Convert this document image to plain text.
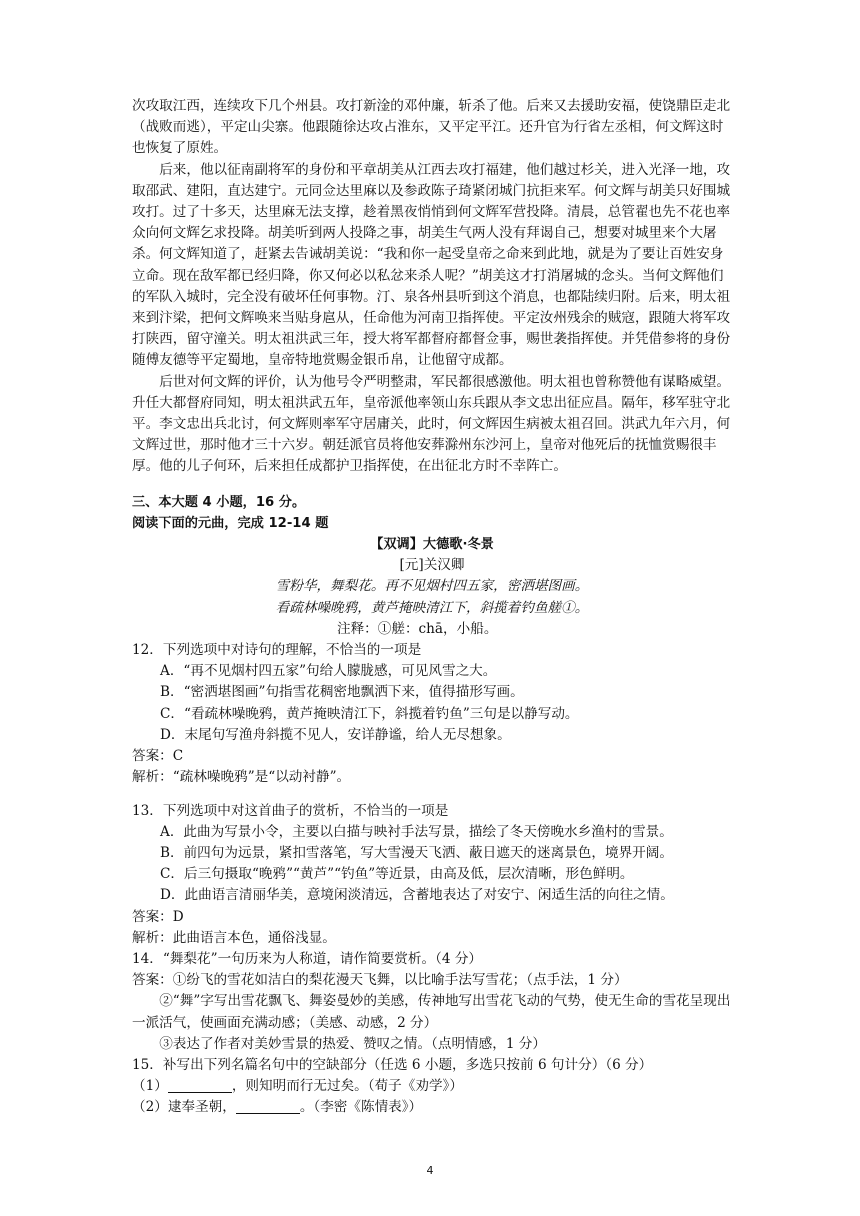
次攻取江西，连续攻下几个州县。攻打新淦的邓仲廉，斩杀了他。后来又去援助安福，使饶鼎臣走北（战败而逃），平定山尖寨。他跟随徐达攻占淮东，又平定平江。还升官为行省左丞相，何文辉这时也恢复了原姓。

后来，他以征南副将军的身份和平章胡美从江西去攻打福建，他们越过杉关，进入光泽一地，攻取邵武、建阳，直达建宁。元同佥达里麻以及参政陈子琦紧闭城门抗拒来军。何文辉与胡美只好围城攻打。过了十多天，达里麻无法支撑，趁着黑夜悄悄到何文辉军营投降。清晨，总管翟也先不花也率众向何文辉乞求投降。胡美听到两人投降之事，胡美生气两人没有拜谒自己，想要对城里来个大屠杀。何文辉知道了，赶紧去告诫胡美说：“我和你一起受皇帝之命来到此地，就是为了要让百姓安身立命。现在敌军都已经归降，你又何必以私忿来杀人呢？”胡美这才打消屠城的念头。当何文辉他们的军队入城时，完全没有破坏任何事物。汀、泉各州县听到这个消息，也都陆续归附。后来，明太祖来到汴梁，把何文辉唤来当贴身扈从，任命他为河南卫指挥使。平定汝州残余的贼寇，跟随大将军攻打陕西，留守潼关。明太祖洪武三年，授大将军都督府都督佥事，赐世袭指挥使。并凭借参将的身份随傅友德等平定蜀地，皇帝特地赏赐金银币帛，让他留守成都。

后世对何文辉的评价，认为他号令严明整肃，军民都很感激他。明太祖也曾称赞他有谋略威望。升任大都督府同知，明太祖洪武五年，皇帝派他率领山东兵跟从李文忠出征应昌。隔年，移军驻守北平。李文忠出兵北讨，何文辉则率军守居庸关，此时，何文辉因生病被太祖召回。洪武九年六月，何文辉过世，那时他才三十六岁。朝廷派官员将他安葬滁州东沙河上，皇帝对他死后的抚恤赏赐很丰厚。他的儿子何环，后来担任成都护卫指挥使，在出征北方时不幸阵亡。

三、本大题 4 小题，16 分。

阅读下面的元曲，完成 12-14 题

【双调】大德歌·冬景

[元]关汉卿

雪粉华，舞梨花。再不见烟村四五家，密洒堪图画。

看疏林噪晚鸦，黄芦掩映清江下，斜揽着钓鱼艖①。

注释：①艖：chā，小船。

12．下列选项中对诗句的理解，不恰当的一项是

A．“再不见烟村四五家”句给人朦胧感，可见风雪之大。

B．“密洒堪图画”句指雪花稠密地飘洒下来，值得描形写画。

C．“看疏林噪晚鸦，黄芦掩映清江下，斜揽着钓鱼”三句是以静写动。

D．末尾句写渔舟斜揽不见人，安详静谧，给人无尽想象。

答案：C

解析：“疏林噪晚鸦”是“以动衬静”。

13．下列选项中对这首曲子的赏析，不恰当的一项是

A．此曲为写景小令，主要以白描与映衬手法写景，描绘了冬天傍晚水乡渔村的雪景。

B．前四句为远景，紧扣雪落笔，写大雪漫天飞洒、蔽日遮天的迷离景色，境界开阔。

C．后三句摄取“晚鸦”“黄芦”“钓鱼”等近景，由高及低，层次清晰，形色鲜明。

D．此曲语言清丽华美，意境闲淡清远，含蓄地表达了对安宁、闲适生活的向往之情。

答案：D

解析：此曲语言本色，通俗浅显。

14．“舞梨花”一句历来为人称道，请作简要赏析。（4 分）

答案：①纷飞的雪花如洁白的梨花漫天飞舞，以比喻手法写雪花；（点手法，1 分）

②“舞”字写出雪花飘飞、舞姿曼妙的美感，传神地写出雪花飞动的气势，使无生命的雪花呈现出一派活气，使画面充满动感；（美感、动感，2 分）

③表达了作者对美妙雪景的热爱、赞叹之情。（点明情感，1 分）

15．补写出下列名篇名句中的空缺部分（任选 6 小题，多选只按前 6 句计分）（6 分）

（1）	，则知明而行无过矣。（荀子《劝学》）

（2）逮奉圣朝，	。（李密《陈情表》）

4
